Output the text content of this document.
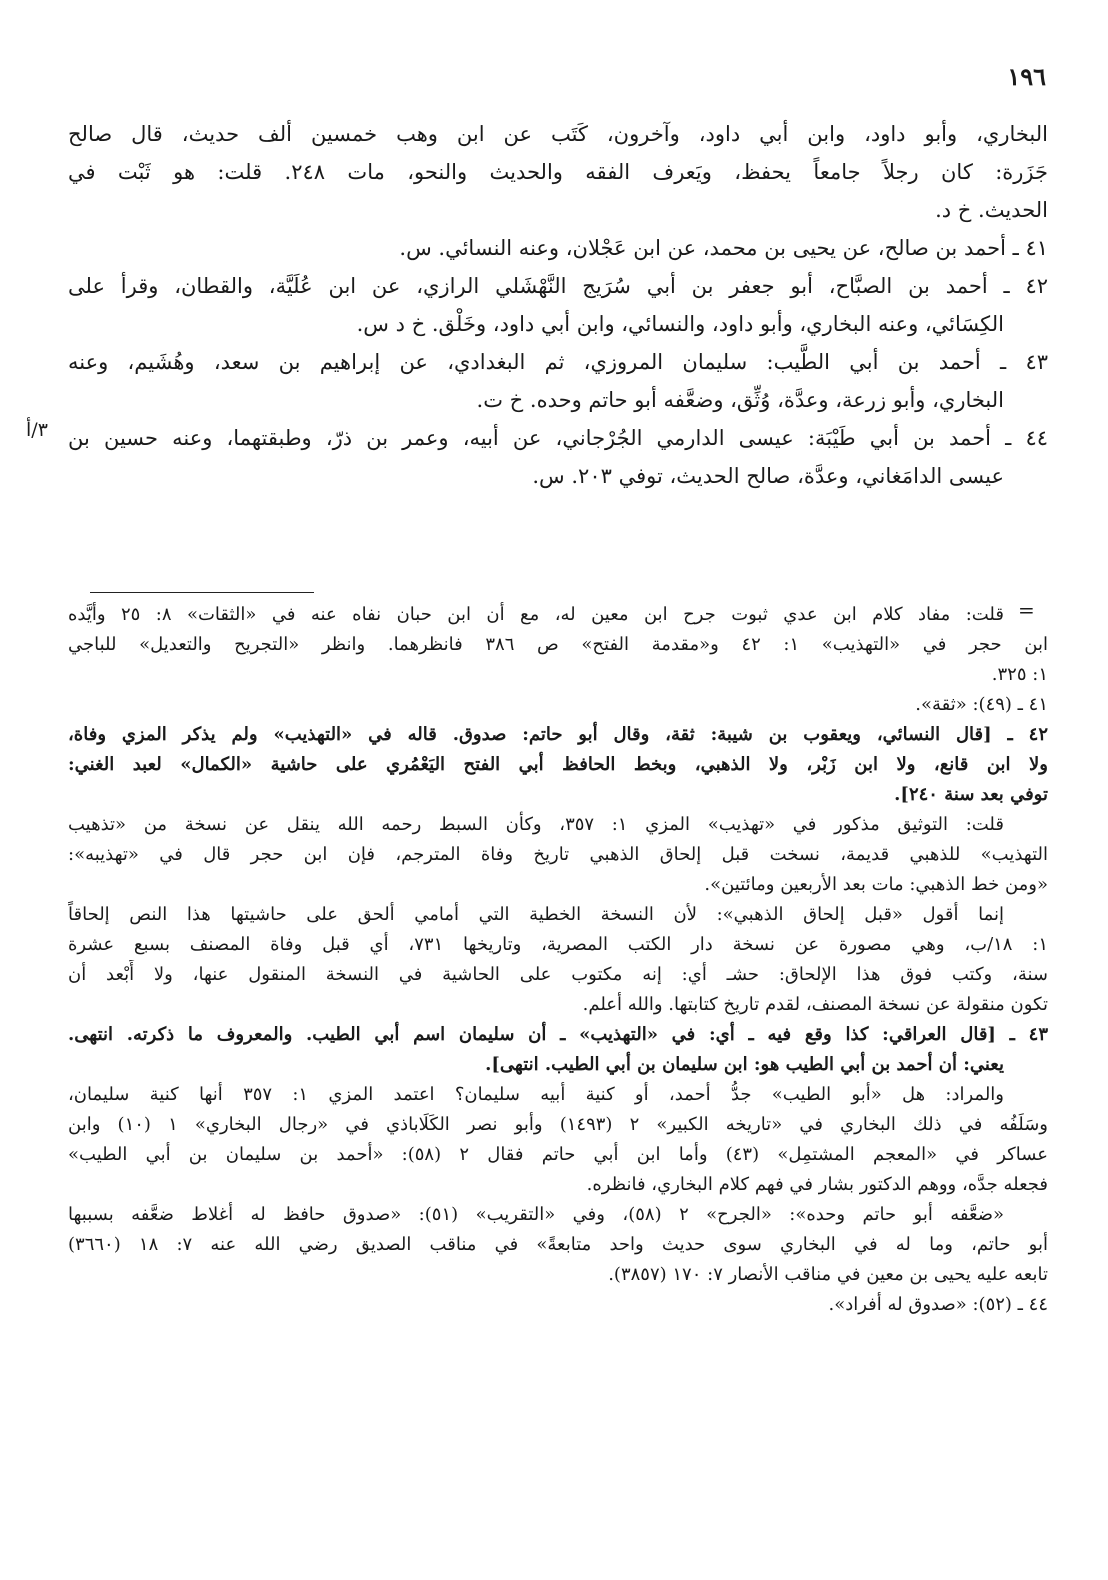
١٩٦
البخاري، وأبو داود، وابن أبي داود، وآخرون، كَتَب عن ابن وهب خمسين ألف حديث، قال صالح
جَزَرة: كان رجلاً جامعاً يحفظ، ويَعرف الفقه والحديث والنحو، مات ٢٤٨. قلت: هو ثَبْت في
الحديث. خ د.
٤١ ـ أحمد بن صالح، عن يحيى بن محمد، عن ابن عَجْلان، وعنه النسائي. س.
٤٢ ـ أحمد بن الصبَّاح، أبو جعفر بن أبي سُرَيج النَّهْشَلي الرازي، عن ابن عُلَيَّة، والقطان، وقرأ على
الكِسَائي، وعنه البخاري، وأبو داود، والنسائي، وابن أبي داود، وخَلْق. خ د س.
٤٣ ـ أحمد بن أبي الطَّيب: سليمان المروزي، ثم البغدادي، عن إبراهيم بن سعد، وهُشَيم، وعنه
البخاري، وأبو زرعة، وعدَّة، وُثِّق، وضعَّفه أبو حاتم وحده. خ ت.
٣/أ ٤٤ ـ أحمد بن أبي طَيْبَة: عيسى الدارمي الجُرْجاني، عن أبيه، وعمر بن ذرّ، وطبقتهما، وعنه حسين بن
عيسى الدامَغاني، وعدَّة، صالح الحديث، توفي ٢٠٣. س.
=
قلت: مفاد كلام ابن عدي ثبوت جرح ابن معين له، مع أن ابن حبان نفاه عنه في «الثقات» ٨: ٢٥ وأيَّده
ابن حجر في «التهذيب» ١: ٤٢ و«مقدمة الفتح» ص ٣٨٦ فانظرهما. وانظر «التجريح والتعديل» للباجي
١: ٣٢٥.
٤١ ـ (٤٩): «ثقة».
٤٢ ـ [قال النسائي، ويعقوب بن شيبة: ثقة، وقال أبو حاتم: صدوق. قاله في «التهذيب» ولم يذكر المزي وفاة،
ولا ابن قانع، ولا ابن زَبْر، ولا الذهبي، وبخط الحافظ أبي الفتح اليَعْمُري على حاشية «الكمال» لعبد الغني:
توفي بعد سنة ٢٤٠].
قلت: التوثيق مذكور في «تهذيب» المزي ١: ٣٥٧، وكأن السبط رحمه الله ينقل عن نسخة من «تذهيب
التهذيب» للذهبي قديمة، نسخت قبل إلحاق الذهبي تاريخ وفاة المترجم، فإن ابن حجر قال في «تهذيبه»:
«ومن خط الذهبي: مات بعد الأربعين ومائتين».
إنما أقول «قبل إلحاق الذهبي»: لأن النسخة الخطية التي أمامي ألحق على حاشيتها هذا النص إلحاقاً
١: ١٨/ب، وهي مصورة عن نسخة دار الكتب المصرية، وتاريخها ٧٣١، أي قبل وفاة المصنف بسبع عشرة
سنة، وكتب فوق هذا الإلحاق: حشـ أي: إنه مكتوب على الحاشية في النسخة المنقول عنها، ولا أَبْعد أن
تكون منقولة عن نسخة المصنف، لقدم تاريخ كتابتها. والله أعلم.
٤٣ ـ [قال العراقي: كذا وقع فيه ـ أي: في «التهذيب» ـ أن سليمان اسم أبي الطيب. والمعروف ما ذكرته. انتهى.
يعني: أن أحمد بن أبي الطيب هو: ابن سليمان بن أبي الطيب. انتهى].
والمراد: هل «أبو الطيب» جدُّ أحمد، أو كنية أبيه سليمان؟ اعتمد المزي ١: ٣٥٧ أنها كنية سليمان،
وسَلَفُه في ذلك البخاري في «تاريخه الكبير» ٢ (١٤٩٣) وأبو نصر الكَلَاباذي في «رجال البخاري» ١ (١٠) وابن
عساكر في «المعجم المشتمِل» (٤٣) وأما ابن أبي حاتم فقال ٢ (٥٨): «أحمد بن سليمان بن أبي الطيب»
فجعله جدَّه، ووهم الدكتور بشار في فهم كلام البخاري، فانظره.
«ضعَّفه أبو حاتم وحده»: «الجرح» ٢ (٥٨)، وفي «التقريب» (٥١): «صدوق حافظ له أغلاط ضعَّفه بسببها
أبو حاتم، وما له في البخاري سوى حديث واحد متابعةً» في مناقب الصديق رضي الله عنه ٧: ١٨ (٣٦٦٠)
تابعه عليه يحيى بن معين في مناقب الأنصار ٧: ١٧٠ (٣٨٥٧).
٤٤ ـ (٥٢): «صدوق له أفراد».
